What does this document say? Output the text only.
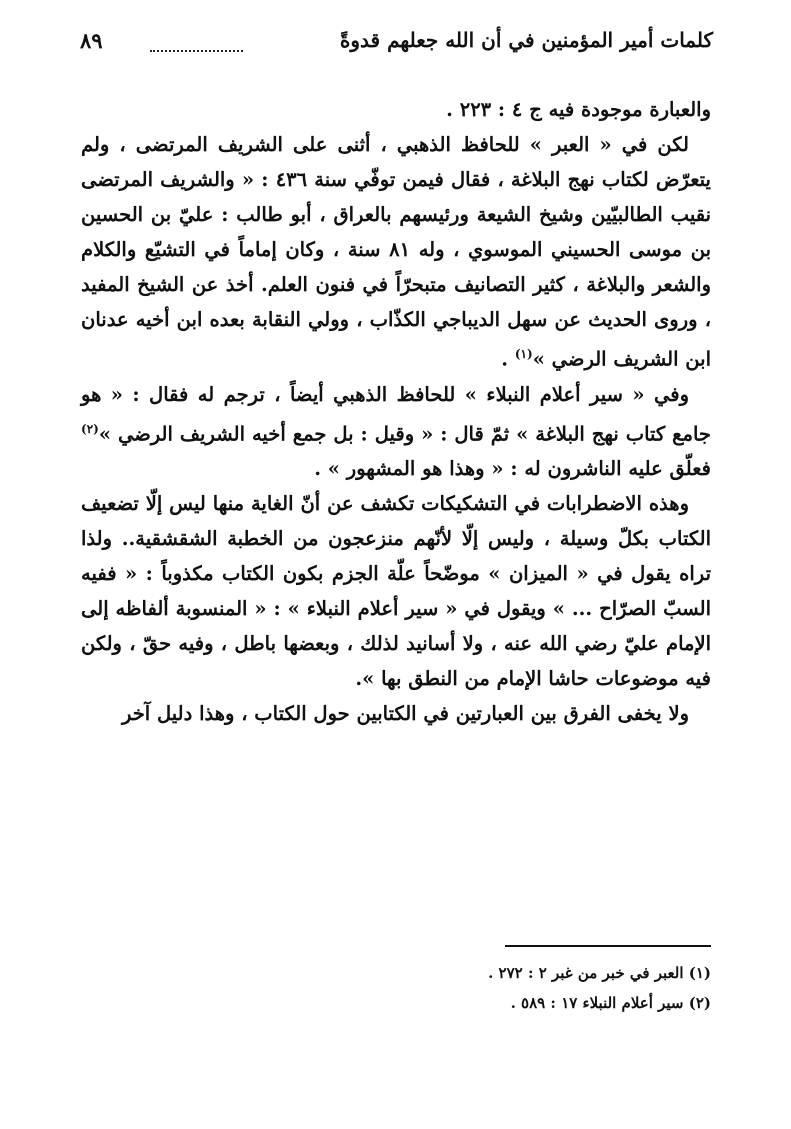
كلمات أمير المؤمنين في أن الله جعلهم قدوةً
٨٩

والعبارة موجودة فيه ج ٤ : ٢٢٣ .

لكن في « العبر » للحافظ الذهبي ، أثنى على الشريف المرتضى ، ولم يتعرّض لكتاب نهج البلاغة ، فقال فيمن توفّي سنة ٤٣٦ : « والشريف المرتضى نقيب الطالبيّين وشيخ الشيعة ورئيسهم بالعراق ، أبو طالب : عليّ بن الحسين بن موسى الحسيني الموسوي ، وله ٨١ سنة ، وكان إماماً في التشيّع والكلام والشعر والبلاغة ، كثير التصانيف متبحرّاً في فنون العلم. أخذ عن الشيخ المفيد ، وروى الحديث عن سهل الديباجي الكذّاب ، وولي النقابة بعده ابن أخيه عدنان ابن الشريف الرضي »$^{(١)}$ .

وفي « سير أعلام النبلاء » للحافظ الذهبي أيضاً ، ترجم له فقال : « هو جامع كتاب نهج البلاغة » ثمّ قال : « وقيل : بل جمع أخيه الشريف الرضي »$^{(٢)}$ فعلّق عليه الناشرون له : « وهذا هو المشهور » .

وهذه الاضطرابات في التشكيكات تكشف عن أنّ الغاية منها ليس إلّا تضعيف الكتاب بكلّ وسيلة ، وليس إلّا لأنّهم منزعجون من الخطبة الشقشقية.. ولذا تراه يقول في « الميزان » موضّحاً علّة الجزم بكون الكتاب مكذوباً : « ففيه السبّ الصرّاح ... » ويقول في « سير أعلام النبلاء » : « المنسوبة ألفاظه إلى الإمام عليّ رضي الله عنه ، ولا أسانيد لذلك ، وبعضها باطل ، وفيه حقّ ، ولكن فيه موضوعات حاشا الإمام من النطق بها ».

ولا يخفى الفرق بين العبارتين في الكتابين حول الكتاب ، وهذا دليل آخر

(١) العبر في خبر من غبر ٢ : ٢٧٢ .
(٢) سير أعلام النبلاء ١٧ : ٥٨٩ .
